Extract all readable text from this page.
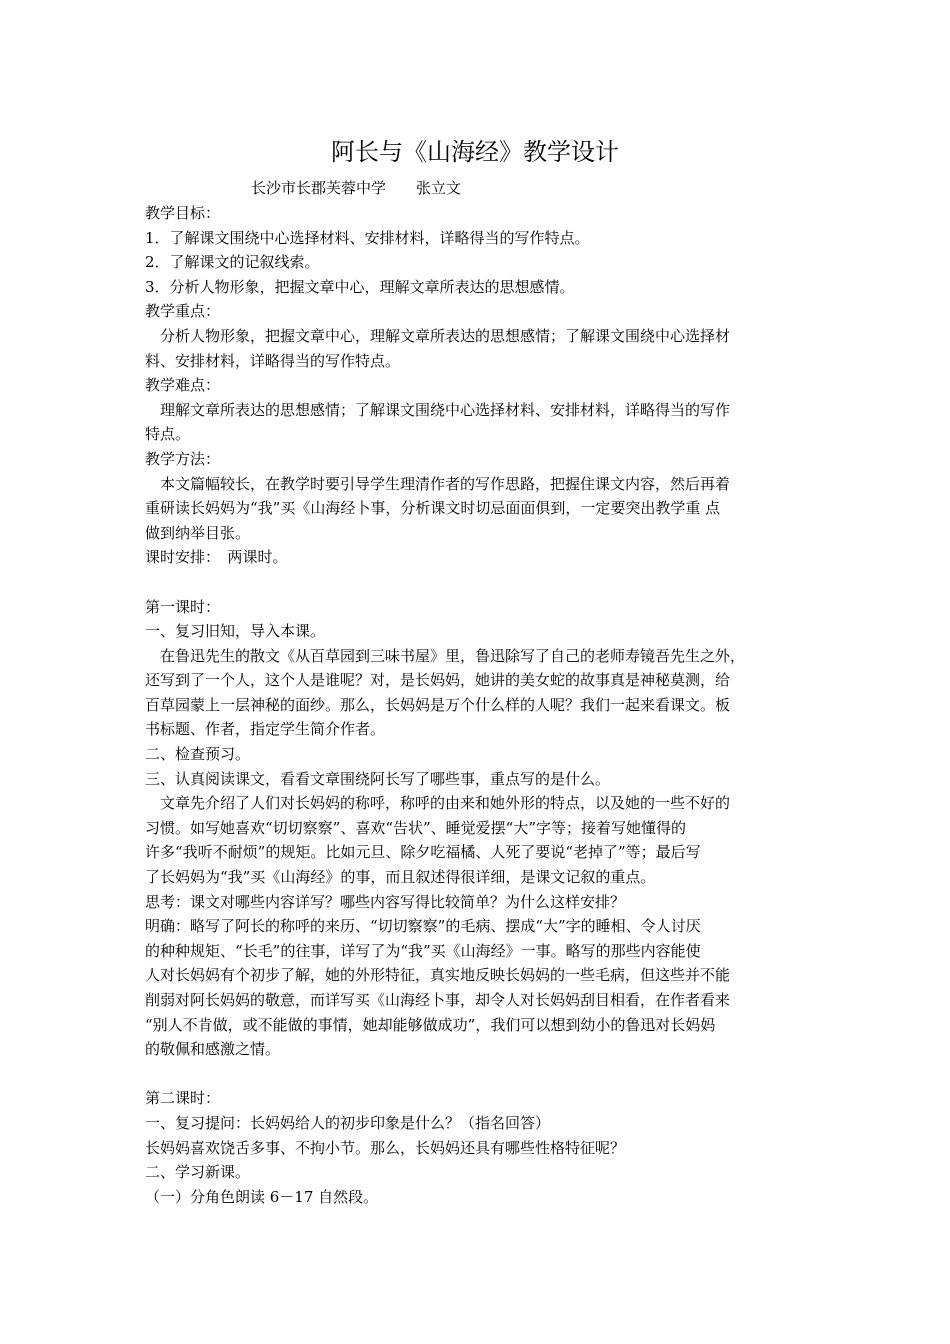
阿长与《山海经》教学设计
长沙市长郡芙蓉中学　　张立文
教学目标：
1．了解课文围绕中心选择材料、安排材料，详略得当的写作特点。
2．了解课文的记叙线索。
3．分析人物形象，把握文章中心，理解文章所表达的思想感情。
教学重点：
分析人物形象，把握文章中心，理解文章所表达的思想感情；了解课文围绕中心选择材
料、安排材料，详略得当的写作特点。
教学难点：
理解文章所表达的思想感情；了解课文围绕中心选择材料、安排材料，详略得当的写作
特点。
教学方法：
本文篇幅较长，在教学时要引导学生理清作者的写作思路，把握住课文内容，然后再着
重研读长妈妈为“我”买《山海经卜事，分析课文时切忌面面俱到，一定要突出教学重 点
做到纳举目张。
课时安排：　两课时。
第一课时：
一、复习旧知，导入本课。
在鲁迅先生的散文《从百草园到三味书屋》里，鲁迅除写了自己的老师寿镜吾先生之外，
还写到了一个人，这个人是谁呢？对，是长妈妈，她讲的美女蛇的故事真是神秘莫测，给
百草园蒙上一层神秘的面纱。那么，长妈妈是万个什么样的人呢？我们一起来看课文。板
书标题、作者，指定学生简介作者。
二、检查预习。
三、认真阅读课文，看看文章围绕阿长写了哪些事，重点写的是什么。
文章先介绍了人们对长妈妈的称呼，称呼的由来和她外形的特点，以及她的一些不好的
习惯。如写她喜欢“切切察察”、喜欢“告状”、睡觉爱摆“大”字等；接着写她懂得的
许多“我听不耐烦”的规矩。比如元旦、除夕吃福橘、人死了要说“老掉了”等；最后写
了长妈妈为“我”买《山海经》的事，而且叙述得很详细，是课文记叙的重点。
思考：课文对哪些内容详写？哪些内容写得比较简单？为什么这样安排？
明确：略写了阿长的称呼的来历、“切切察察”的毛病、摆成“大”字的睡相、令人讨厌
的种种规矩、“长毛”的往事，详写了为“我”买《山海经》一事。略写的那些内容能使
人对长妈妈有个初步了解，她的外形特征，真实地反映长妈妈的一些毛病，但这些并不能
削弱对阿长妈妈的敬意，而详写买《山海经卜事，却令人对长妈妈刮目相看，在作者看来
“别人不肯做，或不能做的事情，她却能够做成功”，我们可以想到幼小的鲁迅对长妈妈
的敬佩和感激之情。
第二课时：
一、复习提问：长妈妈给人的初步印象是什么？（指名回答）
长妈妈喜欢饶舌多事、不拘小节。那么，长妈妈还具有哪些性格特征呢？
二、学习新课。
（一）分角色朗读 6－17 自然段。
